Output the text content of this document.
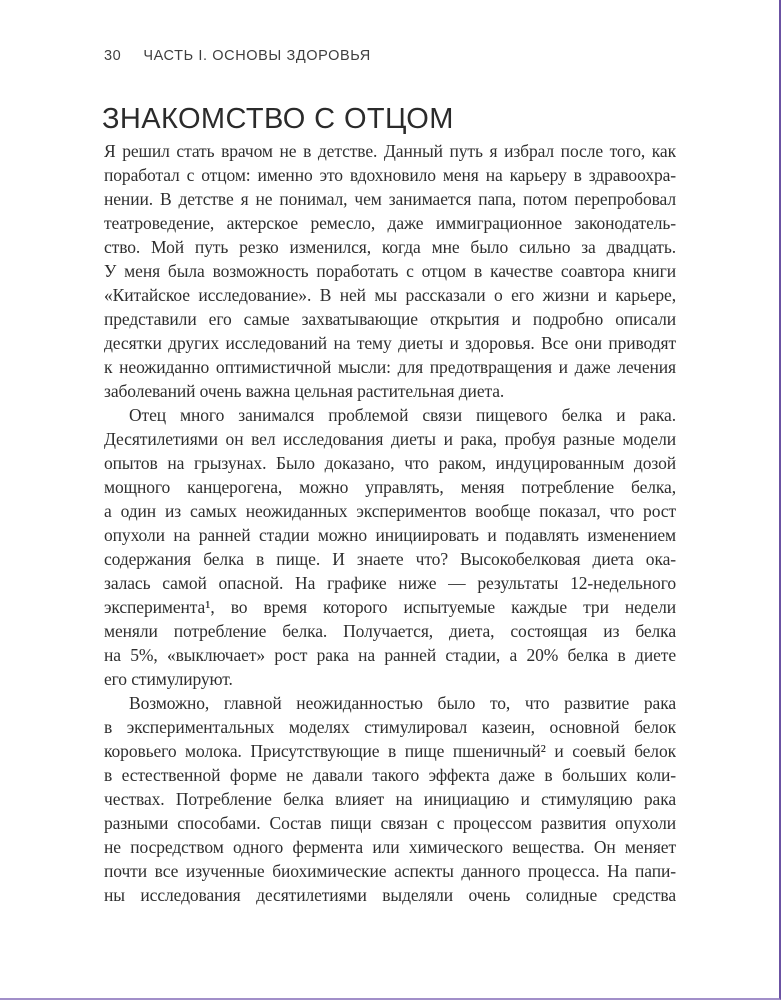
30 ЧАСТЬ I. ОСНОВЫ ЗДОРОВЬЯ
ЗНАКОМСТВО С ОТЦОМ
Я решил стать врачом не в детстве. Данный путь я избрал после того, как
поработал с отцом: именно это вдохновило меня на карьеру в здравоохра-
нении. В детстве я не понимал, чем занимается папа, потом перепробовал
театроведение, актерское ремесло, даже иммиграционное законодатель-
ство. Мой путь резко изменился, когда мне было сильно за двадцать.
У меня была возможность поработать с отцом в качестве соавтора книги
«Китайское исследование». В ней мы рассказали о его жизни и карьере,
представили его самые захватывающие открытия и подробно описали
десятки других исследований на тему диеты и здоровья. Все они приводят
к неожиданно оптимистичной мысли: для предотвращения и даже лечения
заболеваний очень важна цельная растительная диета.
Отец много занимался проблемой связи пищевого белка и рака.
Десятилетиями он вел исследования диеты и рака, пробуя разные модели
опытов на грызунах. Было доказано, что раком, индуцированным дозой
мощного канцерогена, можно управлять, меняя потребление белка,
а один из самых неожиданных экспериментов вообще показал, что рост
опухоли на ранней стадии можно инициировать и подавлять изменением
содержания белка в пище. И знаете что? Высокобелковая диета ока-
залась самой опасной. На графике ниже — результаты 12-недельного
эксперимента¹, во время которого испытуемые каждые три недели
меняли потребление белка. Получается, диета, состоящая из белка
на 5%, «выключает» рост рака на ранней стадии, а 20% белка в диете
его стимулируют.
Возможно, главной неожиданностью было то, что развитие рака
в экспериментальных моделях стимулировал казеин, основной белок
коровьего молока. Присутствующие в пище пшеничный² и соевый белок
в естественной форме не давали такого эффекта даже в больших коли-
чествах. Потребление белка влияет на инициацию и стимуляцию рака
разными способами. Состав пищи связан с процессом развития опухоли
не посредством одного фермента или химического вещества. Он меняет
почти все изученные биохимические аспекты данного процесса. На папи-
ны исследования десятилетиями выделяли очень солидные средства
